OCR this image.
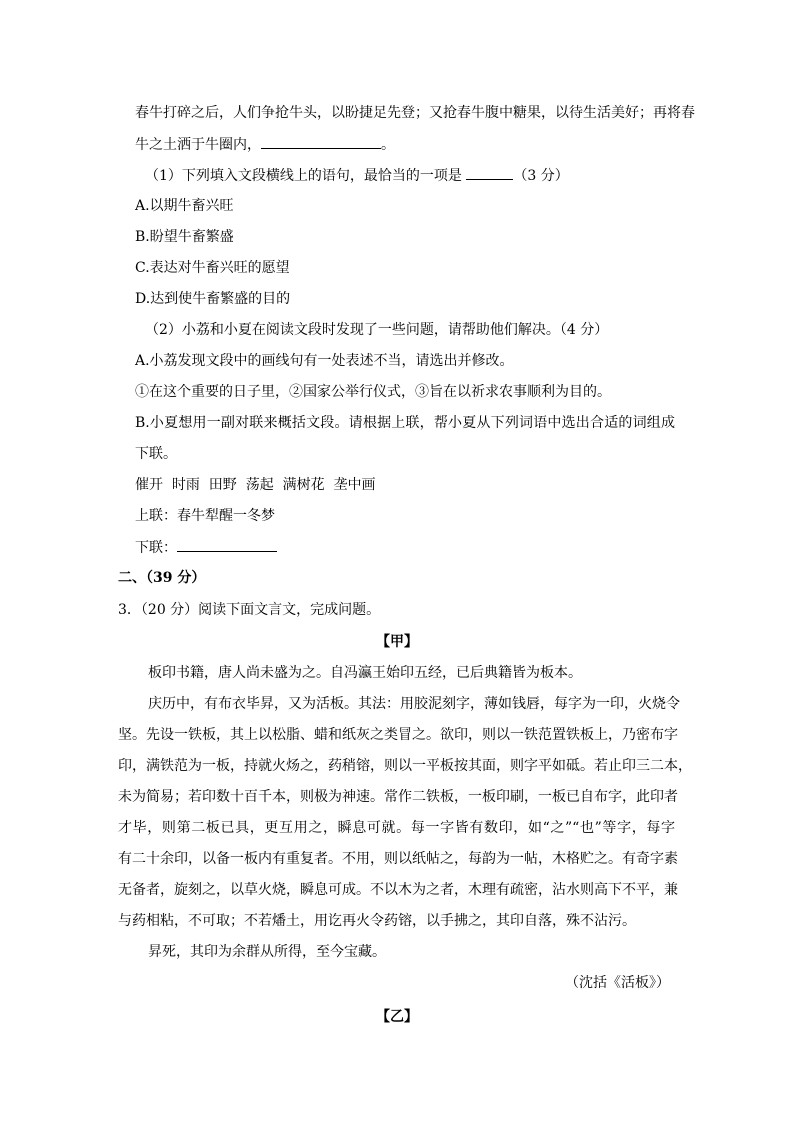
春牛打碎之后，人们争抢牛头，以盼捷足先登；又抢春牛腹中糖果，以待生活美好；再将春
牛之土洒于牛圈内，	。
（1）下列填入文段横线上的语句，最恰当的一项是	（3 分）
A.以期牛畜兴旺
B.盼望牛畜繁盛
C.表达对牛畜兴旺的愿望
D.达到使牛畜繁盛的目的
（2）小荔和小夏在阅读文段时发现了一些问题，请帮助他们解决。（4 分）
A.小荔发现文段中的画线句有一处表述不当，请选出并修改。
①在这个重要的日子里，②国家公举行仪式，③旨在以祈求农事顺利为目的。
B.小夏想用一副对联来概括文段。请根据上联，帮小夏从下列词语中选出合适的词组成
下联。
催开  时雨  田野  荡起  满树花  垄中画
上联：春牛犁醒一冬梦
下联：
二、（39 分）
3．（20 分）阅读下面文言文，完成问题。
【甲】
板印书籍，唐人尚未盛为之。自冯瀛王始印五经，已后典籍皆为板本。
庆历中，有布衣毕昇，又为活板。其法：用胶泥刻字，薄如钱唇，每字为一印，火烧令
坚。先设一铁板，其上以松脂、蜡和纸灰之类冒之。欲印，则以一铁范置铁板上，乃密布字
印，满铁范为一板，持就火炀之，药稍镕，则以一平板按其面，则字平如砥。若止印三二本，
未为简易；若印数十百千本，则极为神速。常作二铁板，一板印刷，一板已自布字，此印者
才毕，则第二板已具，更互用之，瞬息可就。每一字皆有数印，如“之”“也”等字，每字
有二十余印，以备一板内有重复者。不用，则以纸帖之，每韵为一帖，木格贮之。有奇字素
无备者，旋刻之，以草火烧，瞬息可成。不以木为之者，木理有疏密，沾水则高下不平，兼
与药相粘，不可取；不若燔土，用讫再火令药镕，以手拂之，其印自落，殊不沾污。
昇死，其印为余群从所得，至今宝藏。
（沈括《活板》）
【乙】
